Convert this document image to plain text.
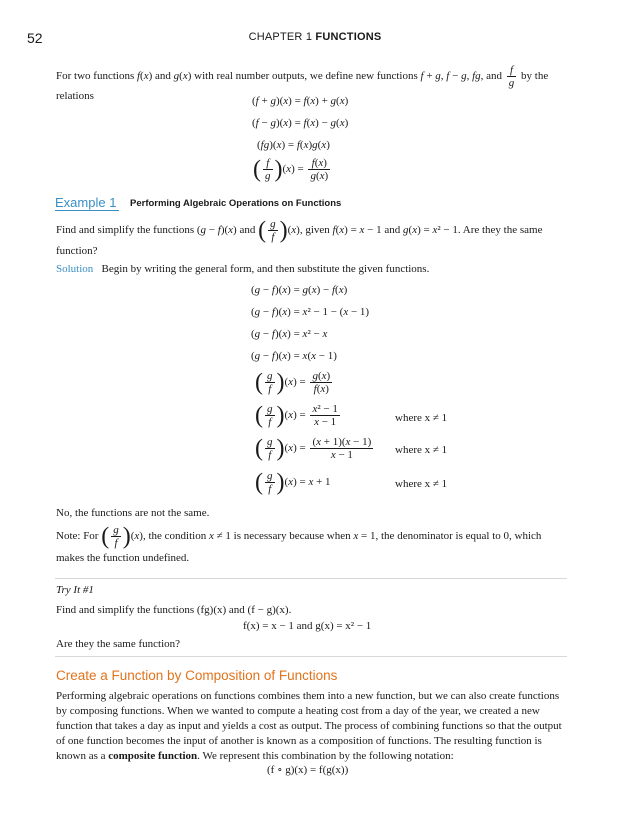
52	CHAPTER 1 FUNCTIONS
For two functions f(x) and g(x) with real number outputs, we define new functions f + g, f − g, fg, and $\frac{f}{g}$ by the relations	(f + g)(x) = f(x) + g(x)
(f − g)(x) = f(x) − g(x)
(fg)(x) = f(x)g(x)
( $\frac{f}{g} )(x) = \frac{f(x)}{g(x)}$
Example 1 Performing Algebraic Operations on Functions
Find and simplify the functions (g − f)(x) and ( $\frac{g}{f} )(x)$, given f(x) = x − 1 and g(x) = x² − 1. Are they the same function?
Solution Begin by writing the general form, and then substitute the given functions.
(g − f)(x) = g(x) − f(x)
(g − f)(x) = x² − 1 − (x − 1)
(g − f)(x) = x² − x
(g − f)(x) = x(x − 1)
( $\frac{g}{f} )(x) = \frac{g(x)}{f(x)}$
( $\frac{g}{f} )(x) = \frac{\text{x² − 1}}{x - 1}$	where x ≠ 1
( $\frac{g}{f} )(x) = \frac{(x + 1)(x - 1)}{x - 1}$ where x ≠ 1
( $\frac{g}{f} )(x) = x + 1$	where x ≠ 1
No, the functions are not the same.
Note: For ( $\frac{g}{f} )(x)$, the condition x ≠ 1 is necessary because when x = 1, the denominator is equal to 0, which makes the function undefined.
Try It #1
Find and simplify the functions (fg)(x) and (f − g)(x).
f(x) = x − 1 and g(x) = x² − 1
Are they the same function?
Create a Function by Composition of Functions
Performing algebraic operations on functions combines them into a new function, but we can also create functions by composing functions. When we wanted to compute a heating cost from a day of the year, we created a new function that takes a day as input and yields a cost as output. The process of combining functions so that the output of one function becomes the input of another is known as a composition of functions. The resulting function is known as a composite function. We represent this combination by the following notation:
(f ∘ g)(x) = f(g(x))
